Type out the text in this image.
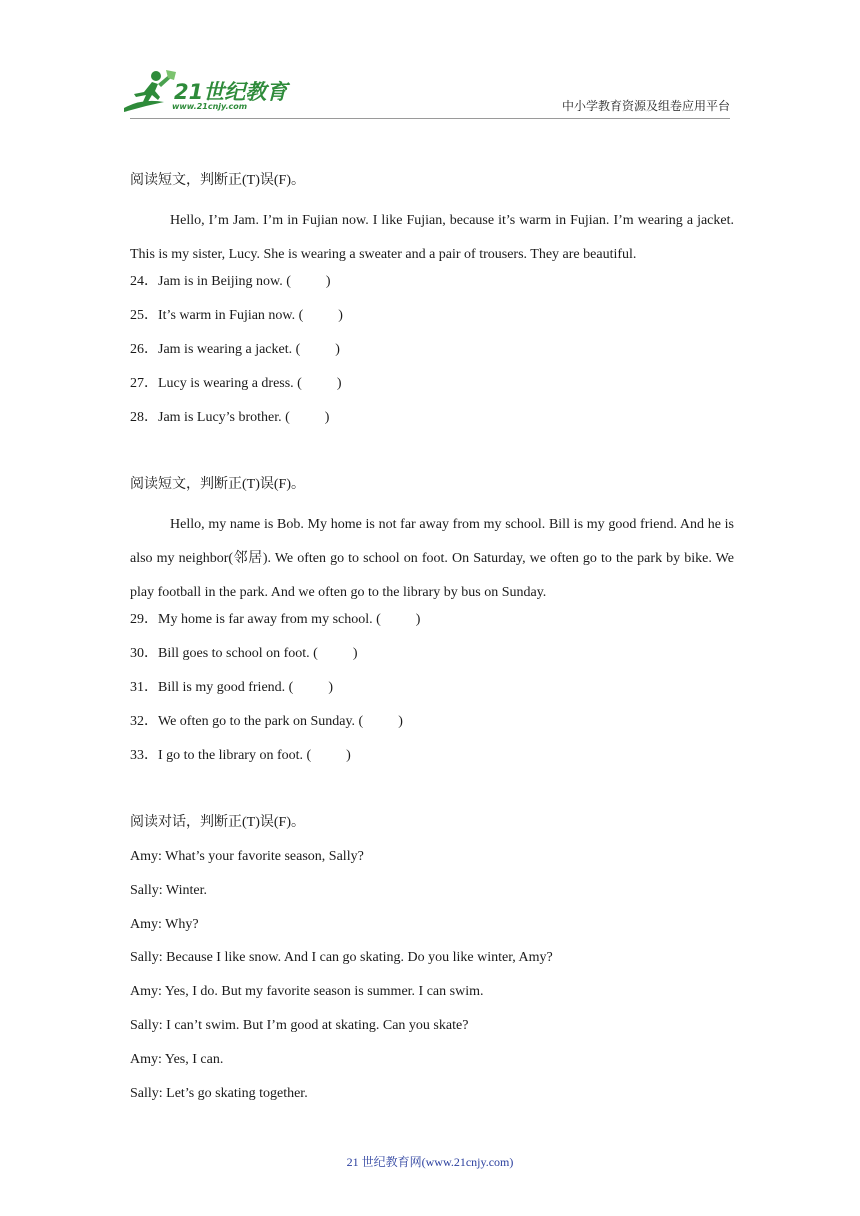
21世纪教育
www.21cnjy.com	中小学教育资源及组卷应用平台
阅读短文，判断正(T)误(F)。

Hello, I’m Jam. I’m in Fujian now. I like Fujian, because it’s warm in Fujian. I’m wearing a jacket. This is my sister, Lucy. She is wearing a sweater and a pair of trousers. They are beautiful.

24．Jam is in Beijing now. (          )
25．It’s warm in Fujian now. (          )
26．Jam is wearing a jacket. (          )
27．Lucy is wearing a dress. (          )
28．Jam is Lucy’s brother. (          )
阅读短文，判断正(T)误(F)。

Hello, my name is Bob. My home is not far away from my school. Bill is my good friend. And he is also my neighbor(邻居). We often go to school on foot. On Saturday, we often go to the park by bike. We play football in the park. And we often go to the library by bus on Sunday.

29．My home is far away from my school. (          )
30．Bill goes to school on foot. (          )
31．Bill is my good friend. (          )
32．We often go to the park on Sunday. (          )
33．I go to the library on foot. (          )
阅读对话，判断正(T)误(F)。
Amy: What’s your favorite season, Sally?
Sally: Winter.
Amy: Why?
Sally: Because I like snow. And I can go skating. Do you like winter, Amy?
Amy: Yes, I do. But my favorite season is summer. I can swim.
Sally: I can’t swim. But I’m good at skating. Can you skate?
Amy: Yes, I can.
Sally: Let’s go skating together.
21 世纪教育网(www.21cnjy.com)
